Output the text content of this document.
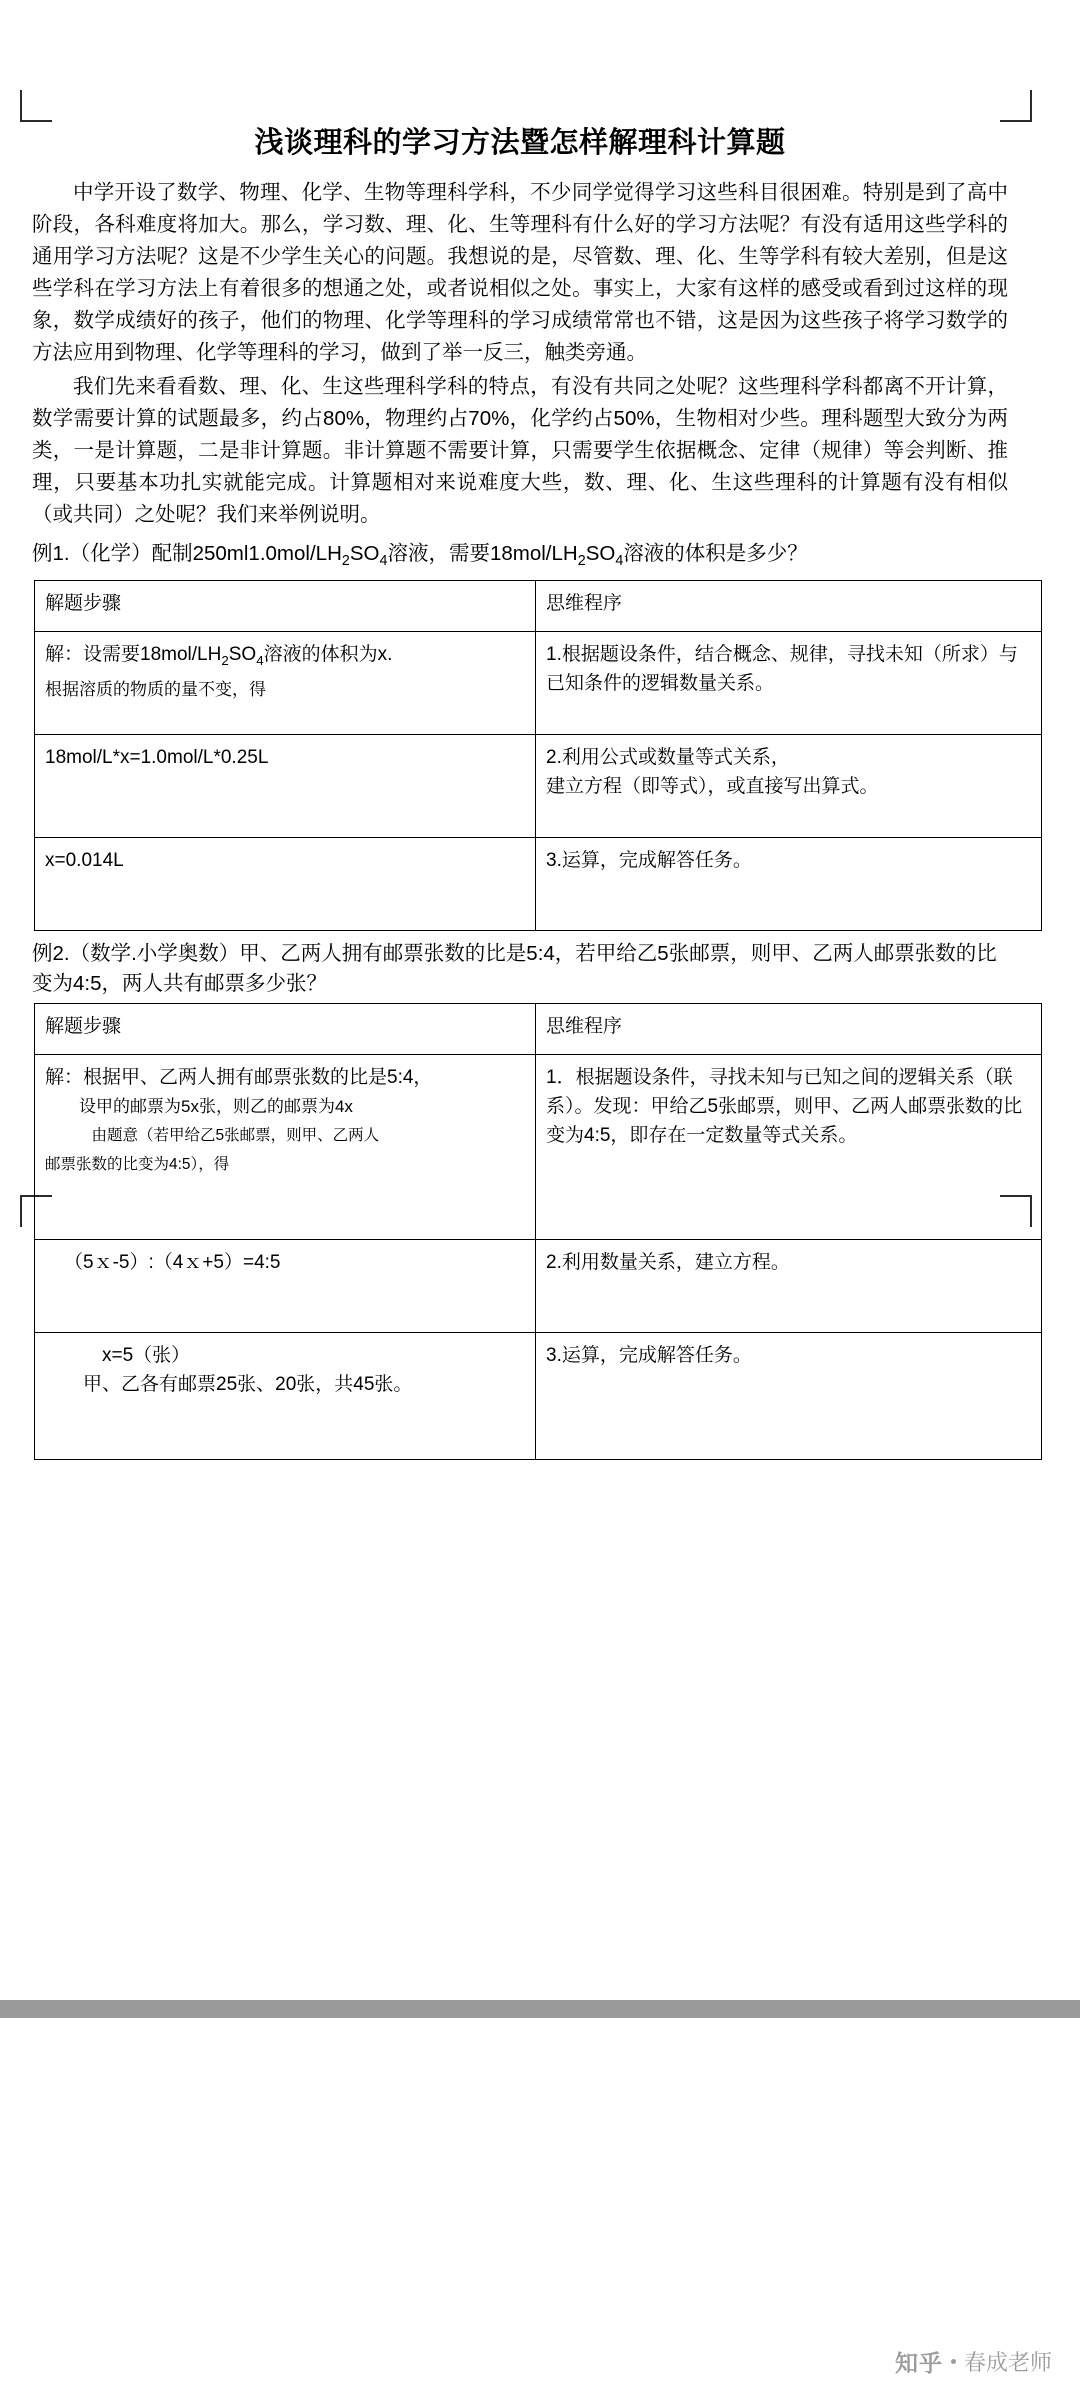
浅谈理科的学习方法暨怎样解理科计算题

中学开设了数学、物理、化学、生物等理科学科，不少同学觉得学习这些科目很困难。特别是到了高中阶段，各科难度将加大。那么，学习数、理、化、生等理科有什么好的学习方法呢？有没有适用这些学科的通用学习方法呢？这是不少学生关心的问题。我想说的是，尽管数、理、化、生等学科有较大差别，但是这些学科在学习方法上有着很多的想通之处，或者说相似之处。事实上，大家有这样的感受或看到过这样的现象，数学成绩好的孩子，他们的物理、化学等理科的学习成绩常常也不错，这是因为这些孩子将学习数学的方法应用到物理、化学等理科的学习，做到了举一反三，触类旁通。

我们先来看看数、理、化、生这些理科学科的特点，有没有共同之处呢？这些理科学科都离不开计算，数学需要计算的试题最多，约占80%，物理约占70%，化学约占50%，生物相对少些。理科题型大致分为两类，一是计算题，二是非计算题。非计算题不需要计算，只需要学生依据概念、定律（规律）等会判断、推理，只要基本功扎实就能完成。计算题相对来说难度大些，数、理、化、生这些理科的计算题有没有相似（或共同）之处呢？我们来举例说明。

例1.（化学）配制$250ml1.0mol/LH_2SO_4$溶液，需要$18mol/LH_2SO_4$溶液的体积是多少？

解题步骤	思维程序
解：设需要$18mol/LH_2SO_4$溶液的体积为x.
根据溶质的物质的量不变，得	1.根据题设条件，结合概念、规律，寻找未知（所求）与已知条件的逻辑数量关系。
18mol/L*x=1.0mol/L*0.25L	2.利用公式或数量等式关系，
建立方程（即等式），或直接写出算式。

x=0.014L	3.运算，完成解答任务。

例2.（数学.小学奥数）甲、乙两人拥有邮票张数的比是5:4，若甲给乙5张邮票，则甲、乙两人邮票张数的比变为4:5，两人共有邮票多少张？

解题步骤	思维程序

解：根据甲、乙两人拥有邮票张数的比是5:4，
设甲的邮票为5x张，则乙的邮票为4x
由题意（若甲给乙5张邮票，则甲、乙两人
邮票张数的比变为4:5），得	1．根据题设条件，寻找未知与已知之间的逻辑关系（联系）。发现：甲给乙5张邮票，则甲、乙两人邮票张数的比变为4:5，即存在一定数量等式关系。
（5ｘ-5）:（4ｘ+5）=4:5	2.利用数量关系，建立方程。

x=5（张）
甲、乙各有邮票25张、20张，共45张。	3.运算，完成解答任务。
知乎 春成老师
